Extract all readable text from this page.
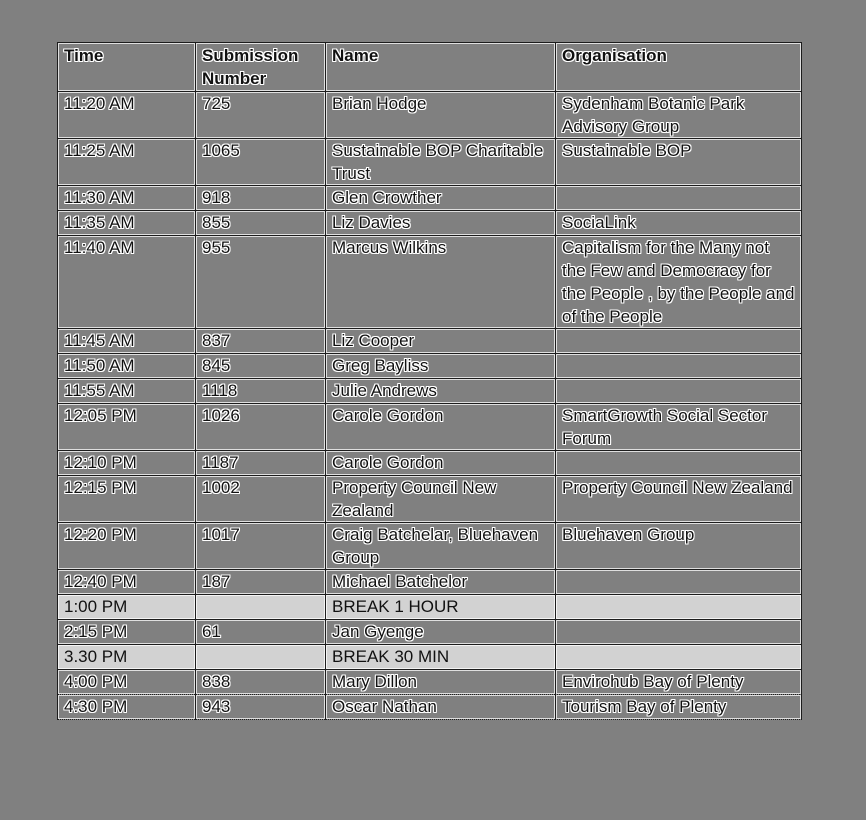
Time	Submission Number	Name	Organisation
11:20 AM	725	Brian Hodge	Sydenham Botanic Park Advisory Group
11:25 AM	1065	Sustainable BOP Charitable Trust	Sustainable BOP
11:30 AM	918	Glen Crowther	
11:35 AM	855	Liz Davies	SociaLink
11:40 AM	955	Marcus Wilkins	Capitalism for the Many not the Few and Democracy for the People , by the People and of the People
11:45 AM	837	Liz Cooper	
11:50 AM	845	Greg Bayliss	
11:55 AM	1118	Julie Andrews	
12:05 PM	1026	Carole Gordon	SmartGrowth Social Sector Forum
12:10 PM	1187	Carole Gordon	
12:15 PM	1002	Property Council New Zealand	Property Council New Zealand
12:20 PM	1017	Craig Batchelar, Bluehaven Group	Bluehaven Group
12:40 PM	187	Michael Batchelor	
1:00 PM		BREAK 1 HOUR	
2:15 PM	61	Jan Gyenge	
3.30 PM		BREAK 30 MIN	
4:00 PM	838	Mary Dillon	Envirohub Bay of Plenty
4:30 PM	943	Oscar Nathan	Tourism Bay of Plenty
